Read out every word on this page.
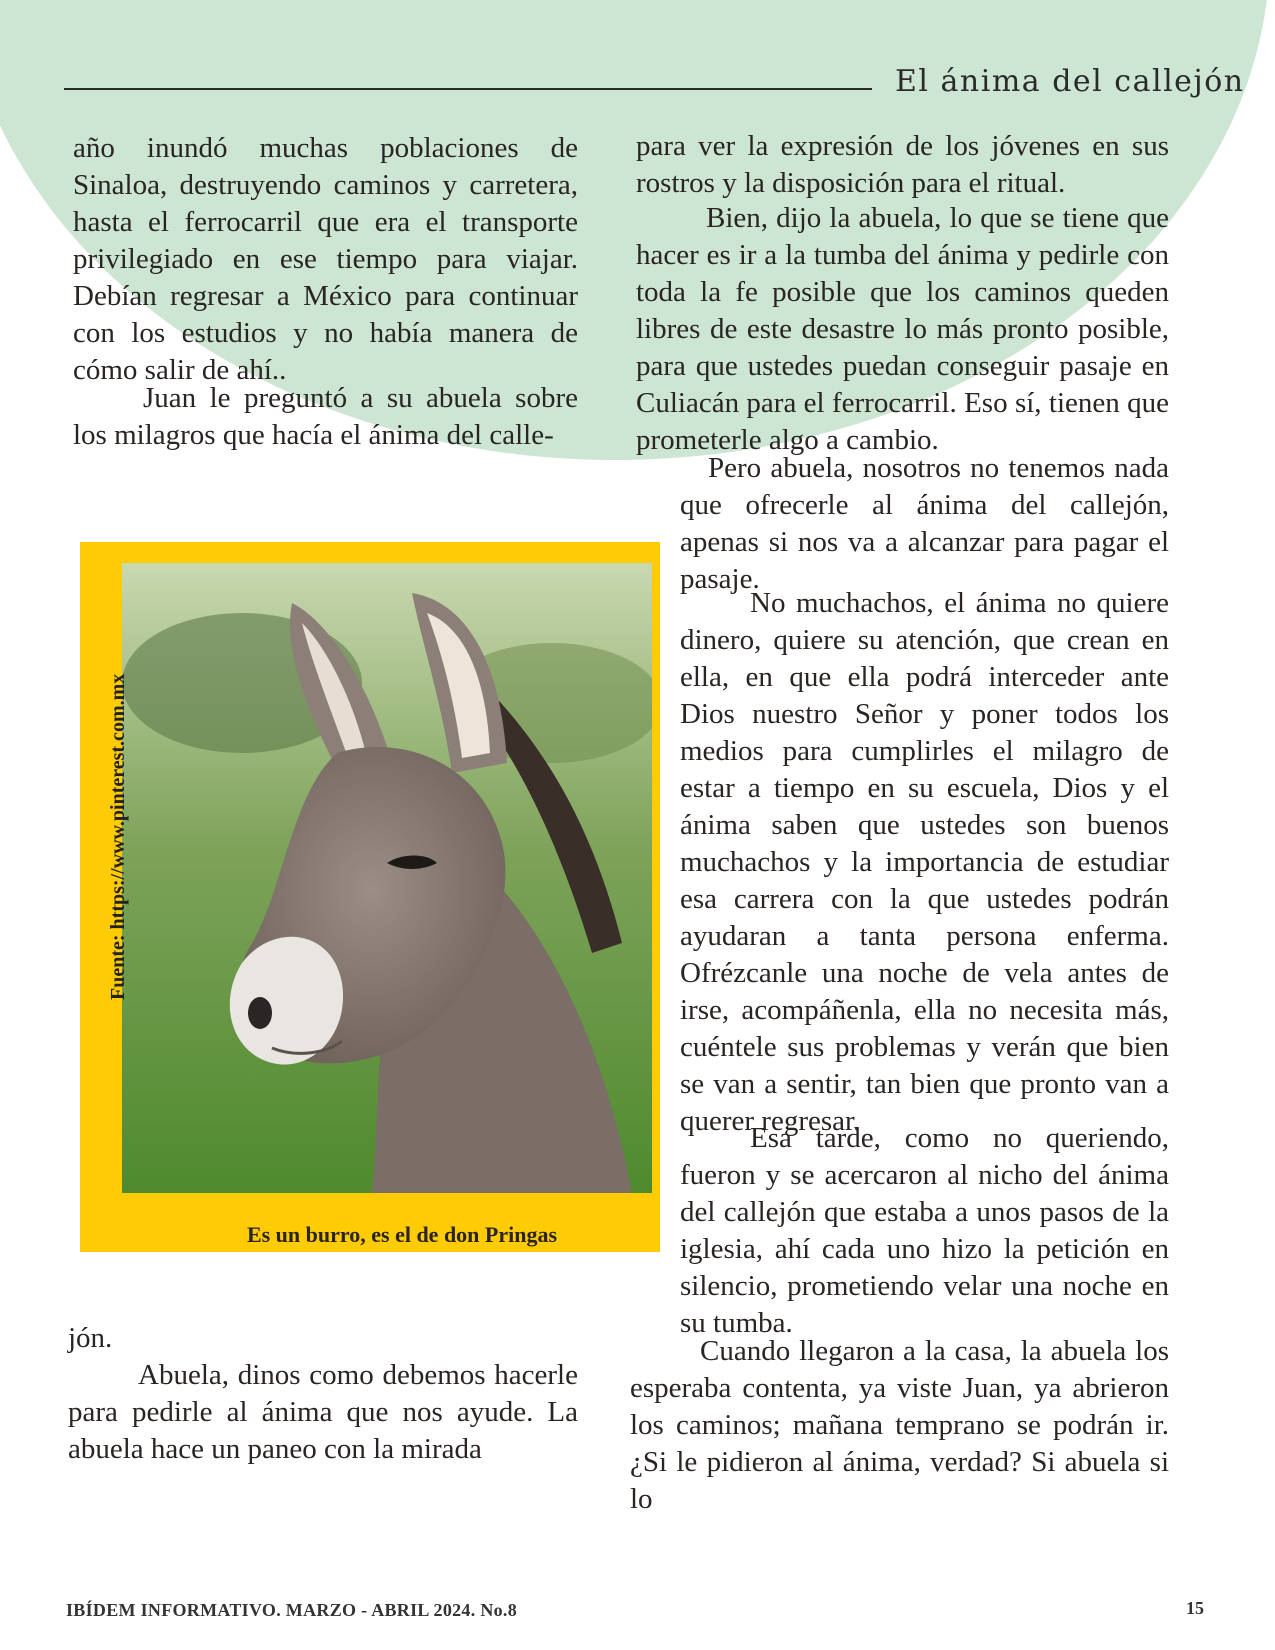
El ánima del callejón

año inundó muchas poblaciones de Sinaloa, destruyendo caminos y carretera, hasta el ferrocarril que era el transporte privilegiado en ese tiempo para viajar. Debían regresar a México para continuar con los estudios y no había manera de cómo salir de ahí..

Juan le preguntó a su abuela sobre los milagros que hacía el ánima del calle-

Fuente: https://www.pinterest.com.mx
Es un burro, es el de don Pringas

jón.

Abuela, dinos como debemos hacerle para pedirle al ánima que nos ayude. La abuela hace un paneo con la mirada

para ver la expresión de los jóvenes en sus rostros y la disposición para el ritual.

Bien, dijo la abuela, lo que se tiene que hacer es ir a la tumba del ánima y pedirle con toda la fe posible que los caminos queden libres de este desastre lo más pronto posible, para que ustedes puedan conseguir pasaje en Culiacán para el ferrocarril. Eso sí, tienen que prometerle algo a cambio.

Pero abuela, nosotros no tenemos nada que ofrecerle al ánima del callejón, apenas si nos va a alcanzar para pagar el pasaje.

No muchachos, el ánima no quiere dinero, quiere su atención, que crean en ella, en que ella podrá interceder ante Dios nuestro Señor y poner todos los medios para cumplirles el milagro de estar a tiempo en su escuela, Dios y el ánima saben que ustedes son buenos muchachos y la importancia de estudiar esa carrera con la que ustedes podrán ayudaran a tanta persona enferma. Ofrézcanle una noche de vela antes de irse, acompáñenla, ella no necesita más, cuéntele sus problemas y verán que bien se van a sentir, tan bien que pronto van a querer regresar.

Esa tarde, como no queriendo, fueron y se acercaron al nicho del ánima del callejón que estaba a unos pasos de la iglesia, ahí cada uno hizo la petición en silencio, prometiendo velar una noche en su tumba.

Cuando llegaron a la casa, la abuela los esperaba contenta, ya viste Juan, ya abrieron los caminos; mañana temprano se podrán ir. ¿Si le pidieron al ánima, verdad? Si abuela si lo

IBÍDEM INFORMATIVO. MARZO - ABRIL 2024. No.8	15
